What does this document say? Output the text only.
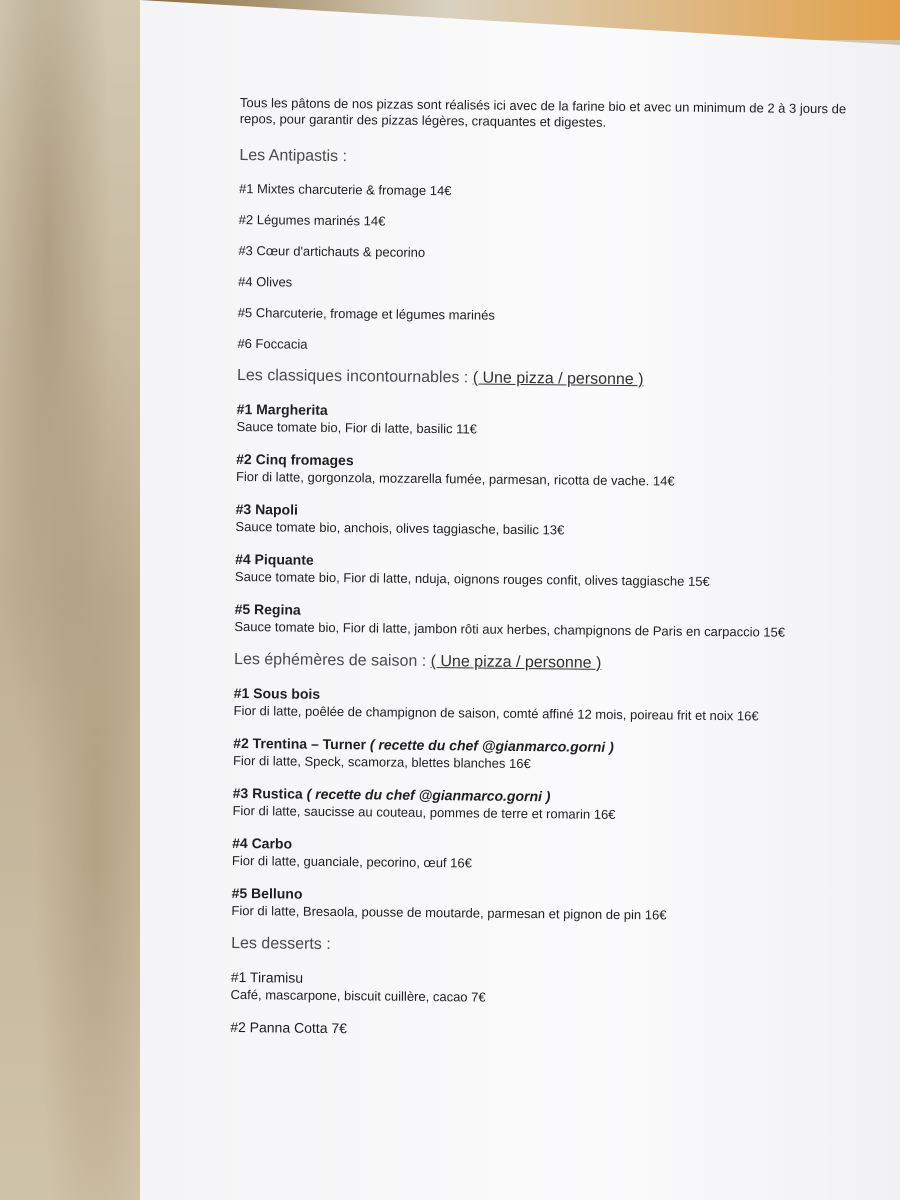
Tous les pâtons de nos pizzas sont réalisés ici avec de la farine bio et avec un minimum de 2 à 3 jours de repos, pour garantir des pizzas légères, craquantes et digestes.

Les Antipastis :
#1 Mixtes charcuterie & fromage 14€
#2 Légumes marinés 14€
#3 Cœur d'artichauts & pecorino
#4 Olives
#5 Charcuterie, fromage et légumes marinés
#6 Foccacia
Les classiques incontournables : ( Une pizza / personne )
#1 Margherita
Sauce tomate bio, Fior di latte, basilic 11€
#2 Cinq fromages
Fior di latte, gorgonzola, mozzarella fumée, parmesan, ricotta de vache. 14€
#3 Napoli
Sauce tomate bio, anchois, olives taggiasche, basilic 13€
#4 Piquante
Sauce tomate bio, Fior di latte, nduja, oignons rouges confit, olives taggiasche 15€
#5 Regina
Sauce tomate bio, Fior di latte, jambon rôti aux herbes, champignons de Paris en carpaccio 15€
Les éphémères de saison : ( Une pizza / personne )
#1 Sous bois
Fior di latte, poêlée de champignon de saison, comté affiné 12 mois, poireau frit et noix 16€
#2 Trentina – Turner ( recette du chef @gianmarco.gorni )
Fior di latte, Speck, scamorza, blettes blanches 16€
#3 Rustica ( recette du chef @gianmarco.gorni )
Fior di latte, saucisse au couteau, pommes de terre et romarin 16€
#4 Carbo
Fior di latte, guanciale, pecorino, œuf 16€
#5 Belluno
Fior di latte, Bresaola, pousse de moutarde, parmesan et pignon de pin 16€
Les desserts :
#1 Tiramisu
Café, mascarpone, biscuit cuillère, cacao 7€
#2 Panna Cotta 7€
